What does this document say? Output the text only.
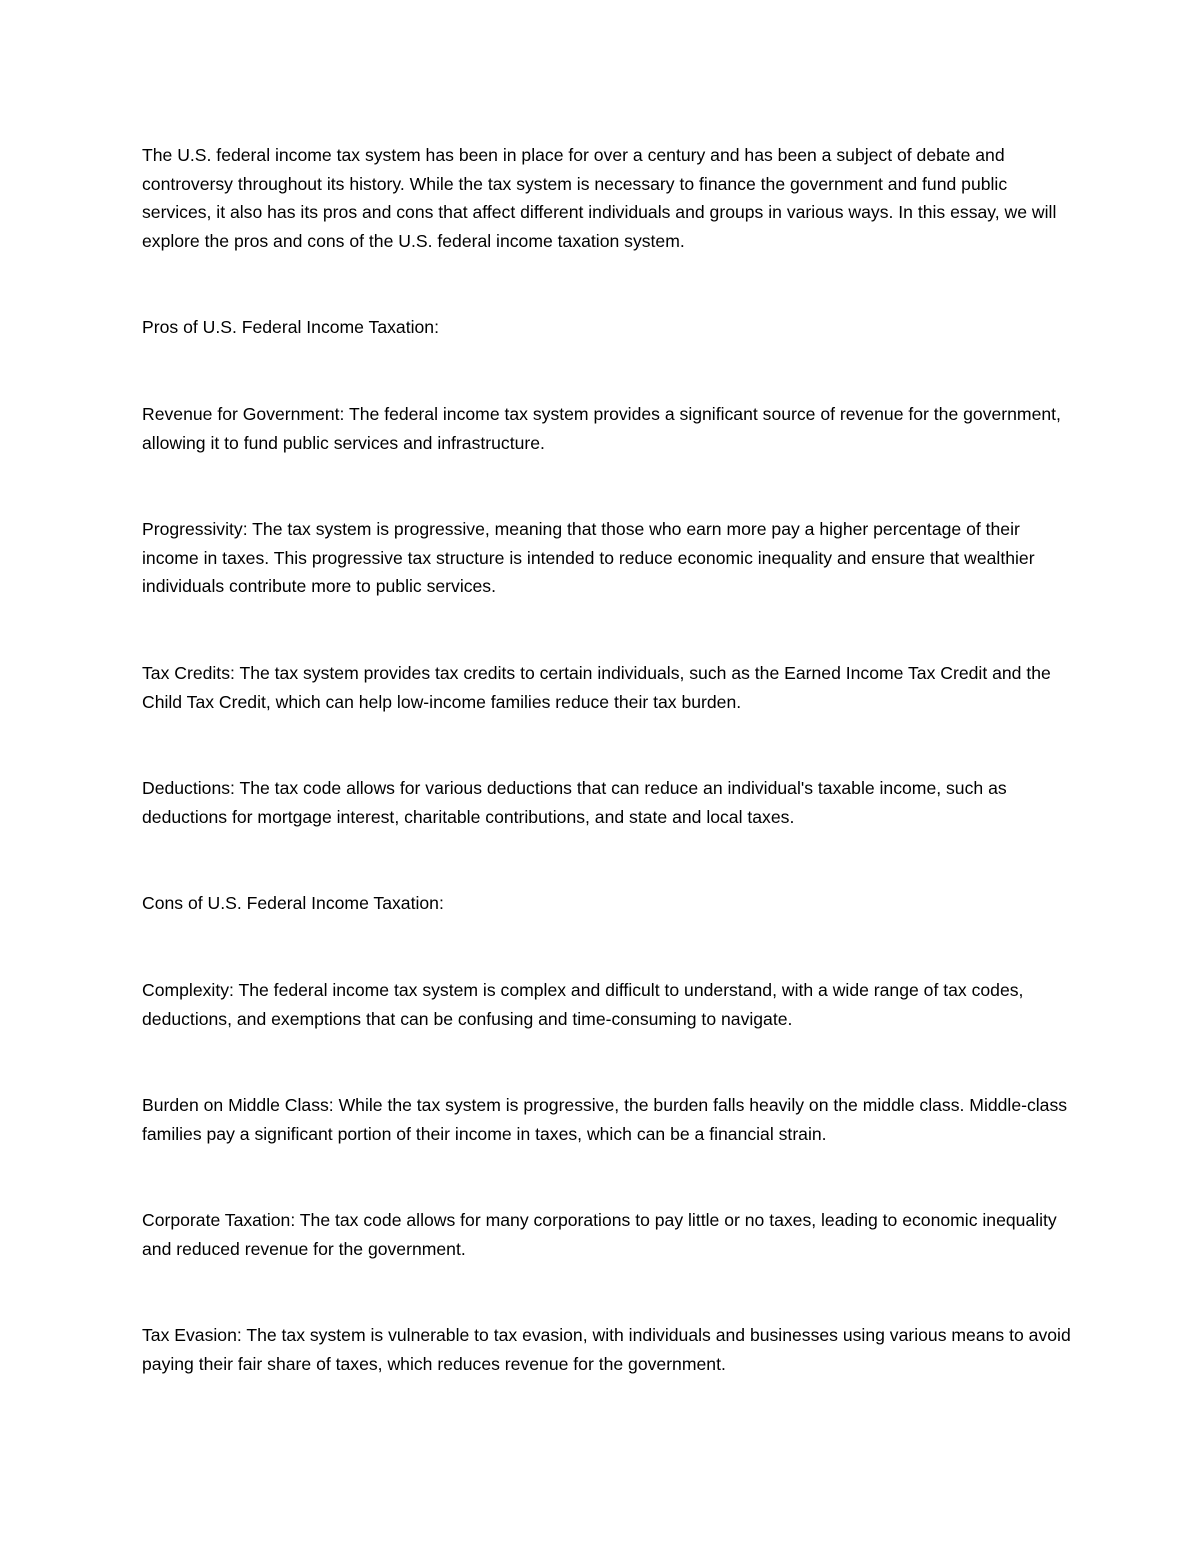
The U.S. federal income tax system has been in place for over a century and has been a subject of debate and controversy throughout its history. While the tax system is necessary to finance the government and fund public services, it also has its pros and cons that affect different individuals and groups in various ways. In this essay, we will explore the pros and cons of the U.S. federal income taxation system.

Pros of U.S. Federal Income Taxation:

Revenue for Government: The federal income tax system provides a significant source of revenue for the government, allowing it to fund public services and infrastructure.

Progressivity: The tax system is progressive, meaning that those who earn more pay a higher percentage of their income in taxes. This progressive tax structure is intended to reduce economic inequality and ensure that wealthier individuals contribute more to public services.

Tax Credits: The tax system provides tax credits to certain individuals, such as the Earned Income Tax Credit and the Child Tax Credit, which can help low-income families reduce their tax burden.

Deductions: The tax code allows for various deductions that can reduce an individual's taxable income, such as deductions for mortgage interest, charitable contributions, and state and local taxes.

Cons of U.S. Federal Income Taxation:

Complexity: The federal income tax system is complex and difficult to understand, with a wide range of tax codes, deductions, and exemptions that can be confusing and time-consuming to navigate.

Burden on Middle Class: While the tax system is progressive, the burden falls heavily on the middle class. Middle-class families pay a significant portion of their income in taxes, which can be a financial strain.

Corporate Taxation: The tax code allows for many corporations to pay little or no taxes, leading to economic inequality and reduced revenue for the government.

Tax Evasion: The tax system is vulnerable to tax evasion, with individuals and businesses using various means to avoid paying their fair share of taxes, which reduces revenue for the government.
